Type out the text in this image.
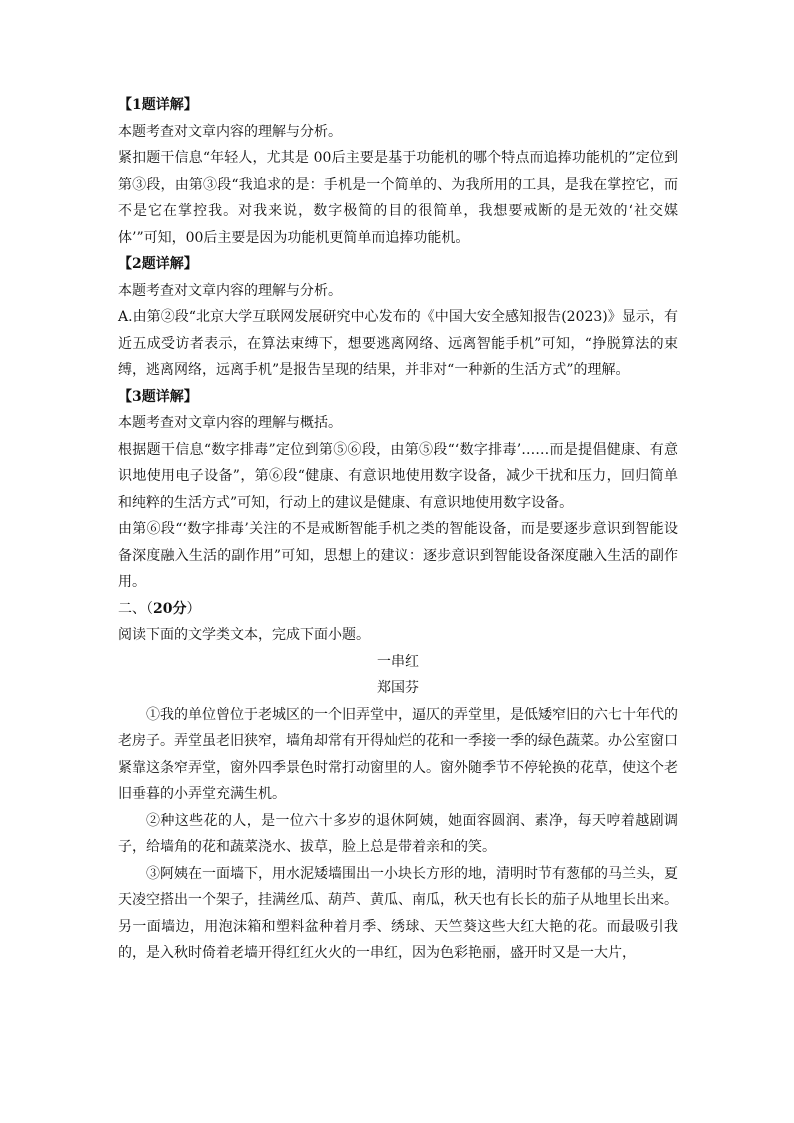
【1题详解】

本题考查对文章内容的理解与分析。

紧扣题干信息“年轻人，尤其是 00后主要是基于功能机的哪个特点而追捧功能机的”定位到第③段，由第③段“我追求的是：手机是一个简单的、为我所用的工具，是我在掌控它，而不是它在掌控我。对我来说，数字极简的目的很简单，我想要戒断的是无效的‘社交媒体’”可知，00后主要是因为功能机更简单而追捧功能机。

【2题详解】

本题考查对文章内容的理解与分析。

A.由第②段“北京大学互联网发展研究中心发布的《中国大安全感知报告(2023)》显示，有近五成受访者表示，在算法束缚下，想要逃离网络、远离智能手机”可知，“挣脱算法的束缚，逃离网络，远离手机”是报告呈现的结果，并非对“一种新的生活方式”的理解。

【3题详解】

本题考查对文章内容的理解与概括。

根据题干信息“数字排毒”定位到第⑤⑥段，由第⑤段“‘数字排毒’……而是提倡健康、有意识地使用电子设备”，第⑥段“健康、有意识地使用数字设备，减少干扰和压力，回归简单和纯粹的生活方式”可知，行动上的建议是健康、有意识地使用数字设备。

由第⑥段“‘数字排毒’关注的不是戒断智能手机之类的智能设备，而是要逐步意识到智能设备深度融入生活的副作用”可知，思想上的建议：逐步意识到智能设备深度融入生活的副作用。

二、（20分）

阅读下面的文学类文本，完成下面小题。

一串红

郑国芬

①我的单位曾位于老城区的一个旧弄堂中，逼仄的弄堂里，是低矮窄旧的六七十年代的老房子。弄堂虽老旧狭窄，墙角却常有开得灿烂的花和一季接一季的绿色蔬菜。办公室窗口紧靠这条窄弄堂，窗外四季景色时常打动窗里的人。窗外随季节不停轮换的花草，使这个老旧垂暮的小弄堂充满生机。

②种这些花的人，是一位六十多岁的退休阿姨，她面容圆润、素净，每天哼着越剧调子，给墙角的花和蔬菜浇水、拔草，脸上总是带着亲和的笑。

③阿姨在一面墙下，用水泥矮墙围出一小块长方形的地，清明时节有葱郁的马兰头，夏天凌空搭出一个架子，挂满丝瓜、葫芦、黄瓜、南瓜，秋天也有长长的茄子从地里长出来。另一面墙边，用泡沫箱和塑料盆种着月季、绣球、天竺葵这些大红大艳的花。而最吸引我的，是入秋时倚着老墙开得红红火火的一串红，因为色彩艳丽，盛开时又是一大片，
